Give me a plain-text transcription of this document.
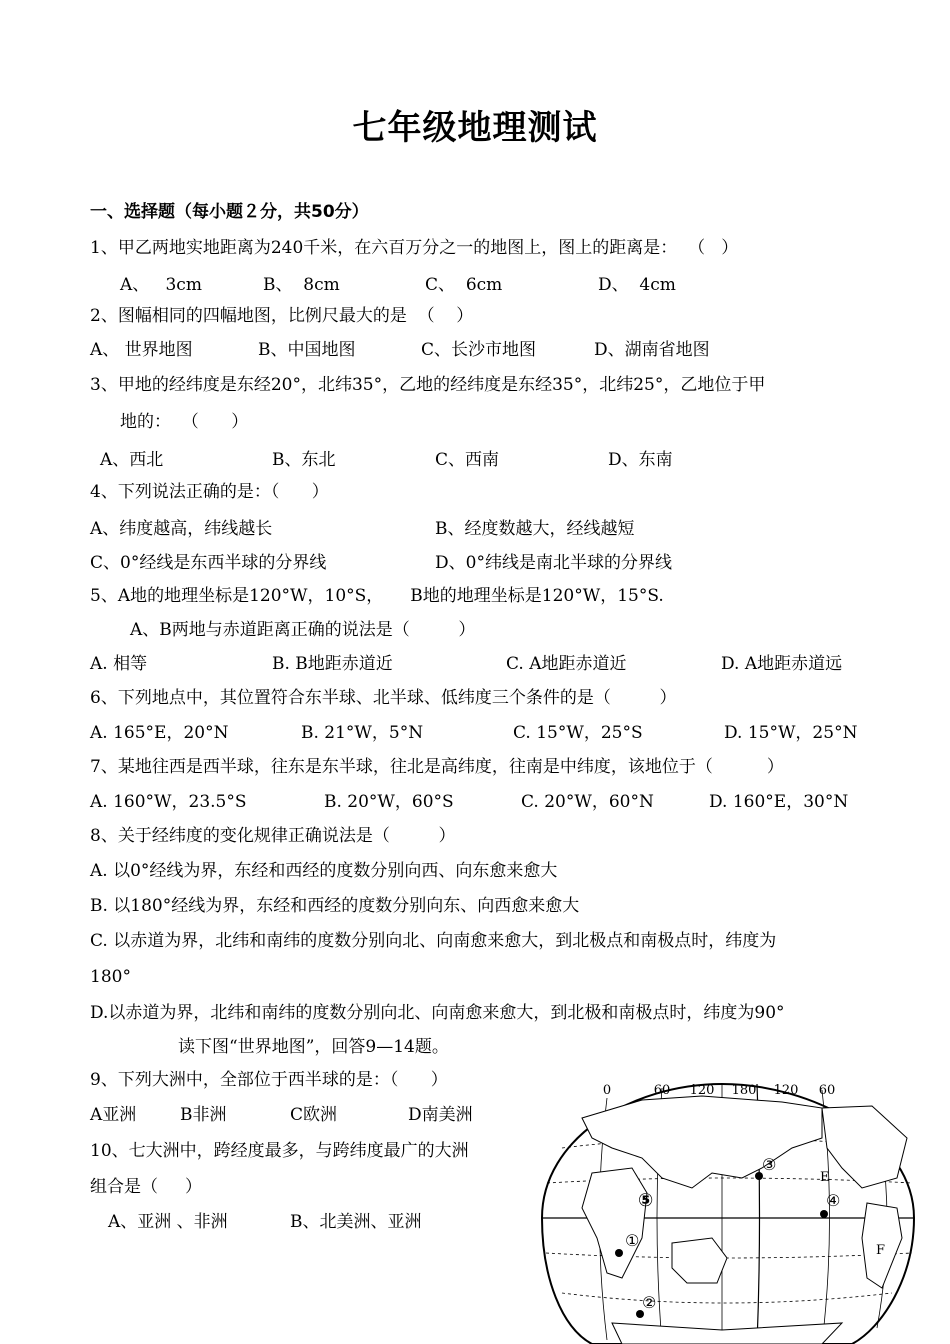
七年级地理测试
一、选择题（每小题２分，共50分）
1、甲乙两地实地距离为240千米，在六百万分之一的地图上，图上的距离是：  （   ）
A、   3cm	B、  8cm	C、  6cm	D、  4cm
2、图幅相同的四幅地图，比例尺最大的是  （    ）
A、 世界地图	B、中国地图	C、长沙市地图	D、湖南省地图
3、甲地的经纬度是东经20°，北纬35°，乙地的经纬度是东经35°，北纬25°，乙地位于甲
地的：  （      ）
A、西北	B、东北	C、西南	D、东南
4、下列说法正确的是：（      ）
A、纬度越高，纬线越长	B、经度数越大，经线越短
C、0°经线是东西半球的分界线	D、0°纬线是南北半球的分界线
5、A地的地理坐标是120°W，10°S，     B地的地理坐标是120°W，15°S.
A、B两地与赤道距离正确的说法是（         ）
A. 相等	B. B地距赤道近	C. A地距赤道近	D. A地距赤道远
6、下列地点中，其位置符合东半球、北半球、低纬度三个条件的是（         ）
A. 165°E，20°N	B. 21°W，5°N	C. 15°W，25°S	D. 15°W，25°N
7、某地往西是西半球，往东是东半球，往北是高纬度，往南是中纬度，该地位于（          ）
A. 160°W，23.5°S	B. 20°W，60°S	C. 20°W，60°N	D. 160°E，30°N
8、关于经纬度的变化规律正确说法是（         ）
A. 以0°经线为界，东经和西经的度数分别向西、向东愈来愈大
B. 以180°经线为界，东经和西经的度数分别向东、向西愈来愈大
C. 以赤道为界，北纬和南纬的度数分别向北、向南愈来愈大，到北极点和南极点时，纬度为
180°
D.以赤道为界，北纬和南纬的度数分别向北、向南愈来愈大，到北极和南极点时，纬度为90°
读下图“世界地图”，回答9—14题。
9、下列大洲中，全部位于西半球的是：（      ）
A亚洲	B非洲	C欧洲	D南美洲
10、七大洲中，跨经度最多，与跨纬度最广的大洲
组合是（     ）
A、亚洲 、非洲	B、北美洲、亚洲
0	60 120 180 120 60
①
②
③
④
⑤
E
F
